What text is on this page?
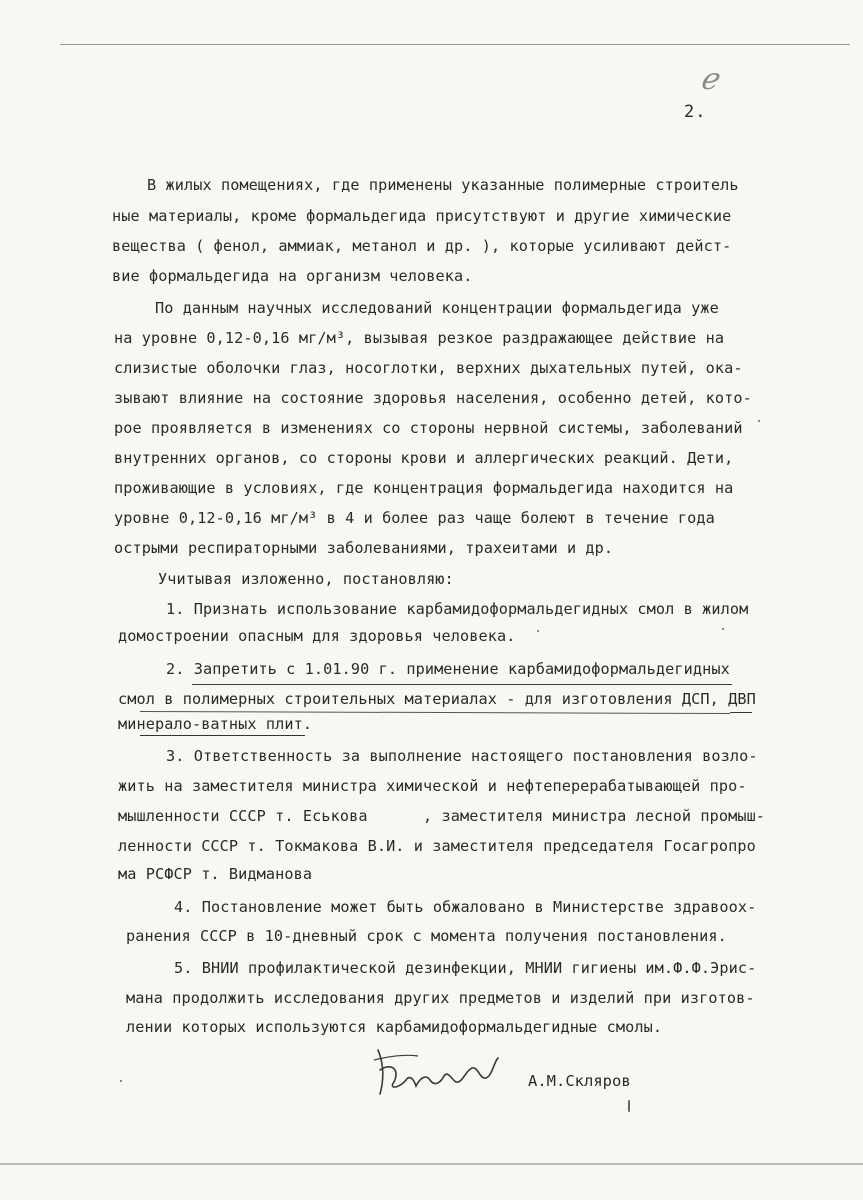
ℯ
2.
В жилых помещениях, где применены указанные полимерные строитель
ные материалы, кроме формальдегида присутствуют и другие химические
вещества ( фенол, аммиак, метанол и др. ), которые усиливают дейст-
вие формальдегида на организм человека.
По данным научных исследований концентрации формальдегида уже
на уровне 0,12-0,16 мг/м³, вызывая резкое раздражающее действие на
слизистые оболочки глаз, носоглотки, верхних дыхательных путей, ока-
зывают влияние на состояние здоровья населения, особенно детей, кото-
рое проявляется в изменениях со стороны нервной системы, заболеваний
внутренних органов, со стороны крови и аллергических реакций. Дети,
проживающие в условиях, где концентрация формальдегида находится на
уровне 0,12-0,16 мг/м³ в 4 и более раз чаще болеют в течение года
острыми респираторными заболеваниями, трахеитами и др.
Учитывая изложенно, постановляю:
1. Признать использование карбамидоформальдегидных смол в жилом
домостроении опасным для здоровья человека.
2. Запретить с 1.01.90 г. применение карбамидоформальдегидных
смол в полимерных строительных материалах - для изготовления ДСП, ДВП
минерало-ватных плит.
3. Ответственность за выполнение настоящего постановления возло-
жить на заместителя министра химической и нефтеперерабатывающей про-
мышленности СССР т. Еськова      , заместителя министра лесной промыш-
ленности СССР т. Токмакова В.И. и заместителя председателя Госагропро
ма РСФСР т. Видманова
4. Постановление может быть обжаловано в Министерстве здравоох-
ранения СССР в 10-дневный срок с момента получения постановления.
5. ВНИИ профилактической дезинфекции, МНИИ гигиены им.Ф.Ф.Эрис-
мана продолжить исследования других предметов и изделий при изготов-
лении которых используются карбамидоформальдегидные смолы.
А.М.Скляров
